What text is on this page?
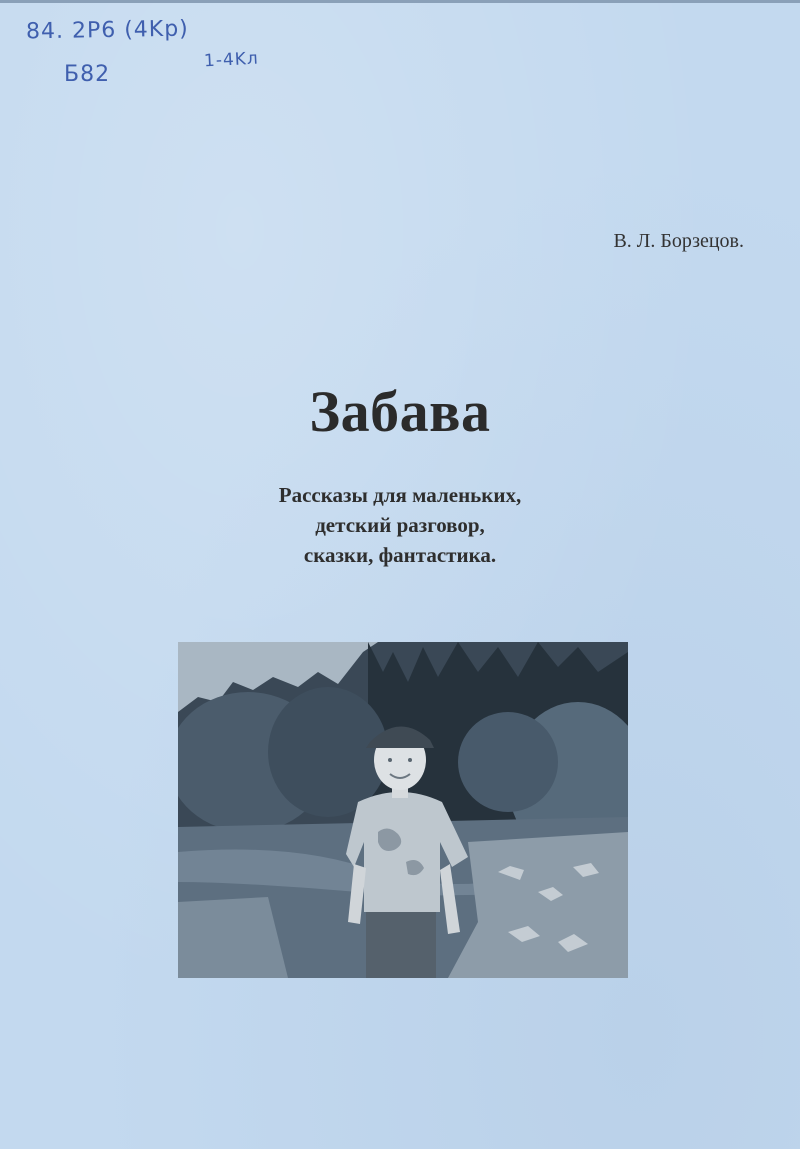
84. 2P6 (4Kp)
Б82
1-4Kл
В. Л. Борзецов.
Забава
Рассказы для маленьких,
детский разговор,
сказки, фантастика.
